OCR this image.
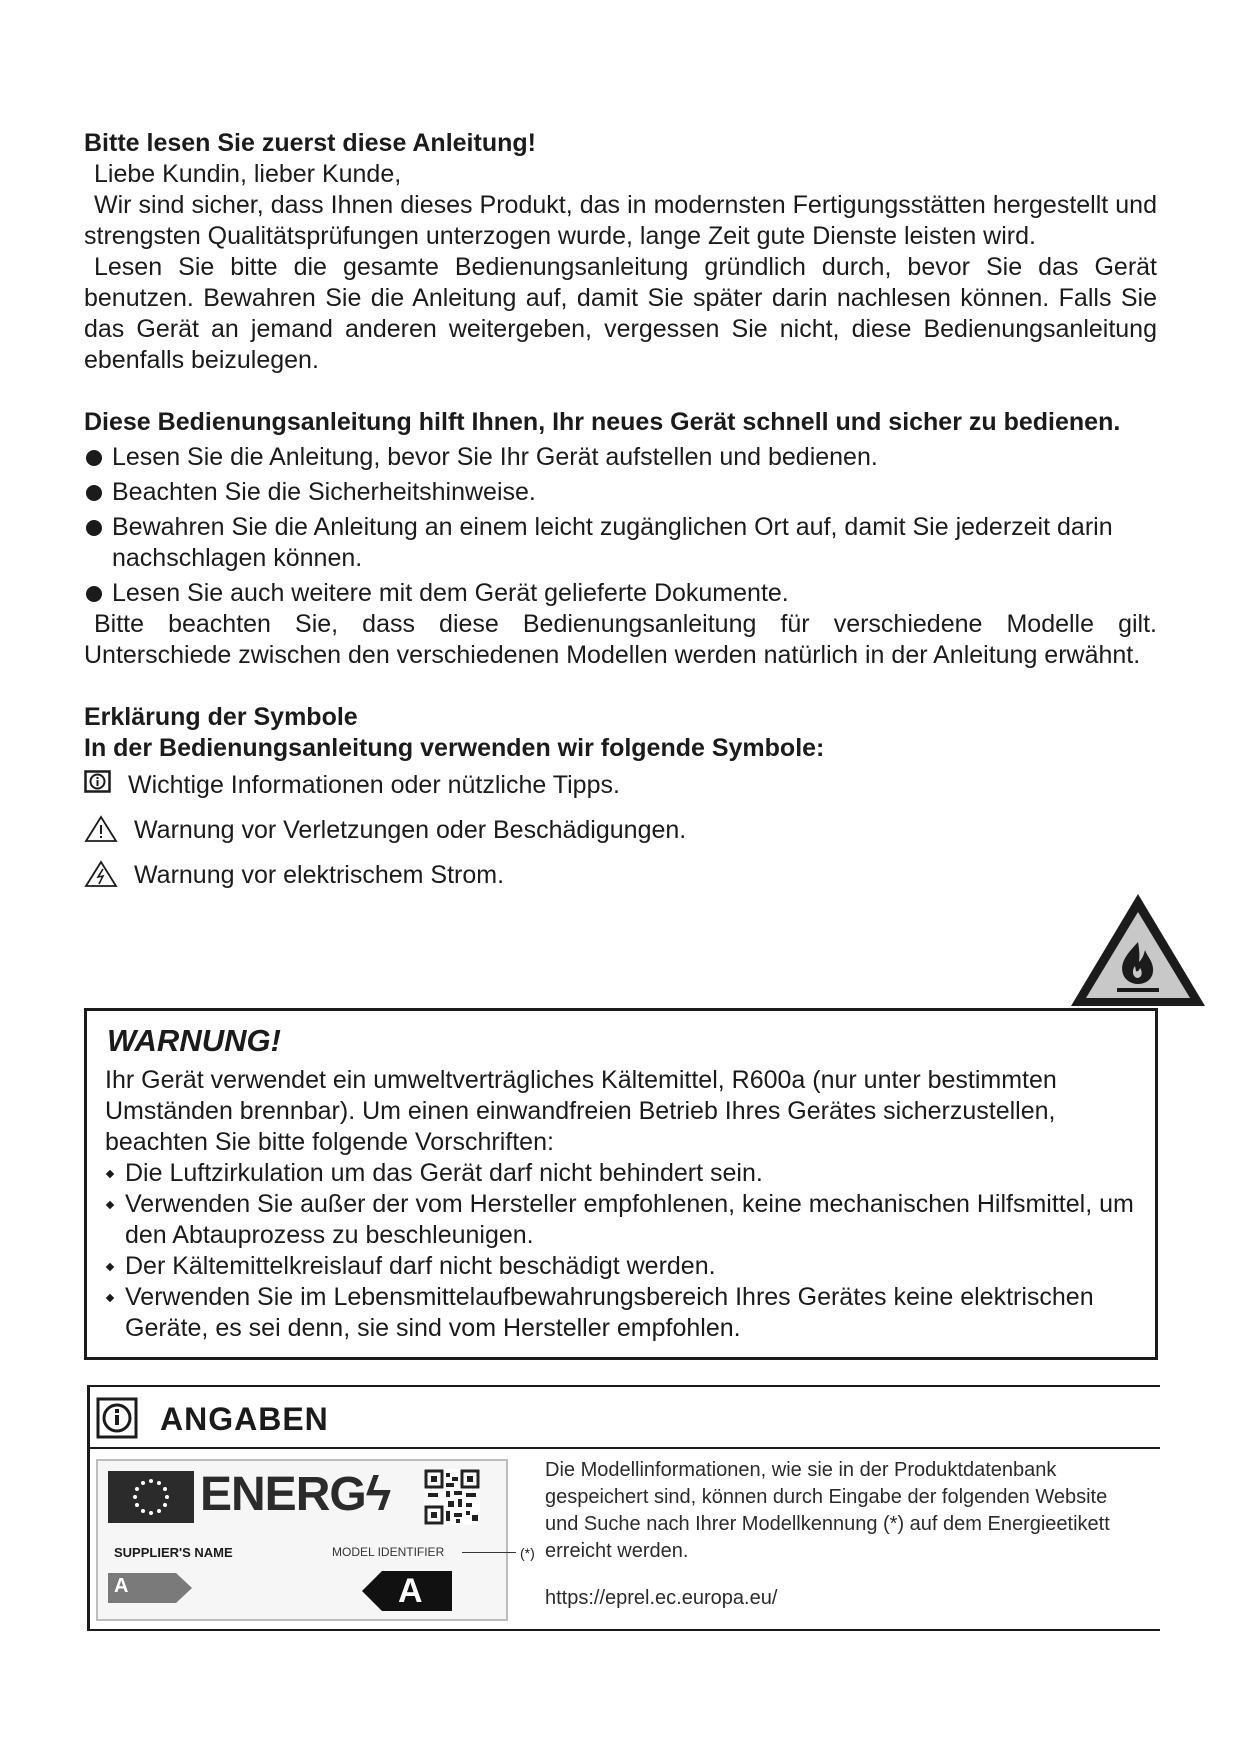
Bitte lesen Sie zuerst diese Anleitung!

Liebe Kundin, lieber Kunde,

Wir sind sicher, dass Ihnen dieses Produkt, das in modernsten Fertigungsstätten hergestellt und strengsten Qualitätsprüfungen unterzogen wurde, lange Zeit gute Dienste leisten wird.

Lesen Sie bitte die gesamte Bedienungsanleitung gründlich durch, bevor Sie das Gerät benutzen. Bewahren Sie die Anleitung auf, damit Sie später darin nachlesen können. Falls Sie das Gerät an jemand anderen weitergeben, vergessen Sie nicht, diese Bedienungsanleitung ebenfalls beizulegen.

Diese Bedienungsanleitung hilft Ihnen, Ihr neues Gerät schnell und sicher zu bedienen.

Lesen Sie die Anleitung, bevor Sie Ihr Gerät aufstellen und bedienen.
Beachten Sie die Sicherheitshinweise.
Bewahren Sie die Anleitung an einem leicht zugänglichen Ort auf, damit Sie jederzeit darin nachschlagen können.
Lesen Sie auch weitere mit dem Gerät gelieferte Dokumente.

Bitte beachten Sie, dass diese Bedienungsanleitung für verschiedene Modelle gilt. Unterschiede zwischen den verschiedenen Modellen werden natürlich in der Anleitung erwähnt.

Erklärung der Symbole

In der Bedienungsanleitung verwenden wir folgende Symbole:

Wichtige Informationen oder nützliche Tipps.
Warnung vor Verletzungen oder Beschädigungen.
Warnung vor elektrischem Strom.
WARNUNG!

Ihr Gerät verwendet ein umweltverträgliches Kältemittel, R600a (nur unter bestimmten Umständen brennbar). Um einen einwandfreien Betrieb Ihres Gerätes sicherzustellen, beachten Sie bitte folgende Vorschriften:

Die Luftzirkulation um das Gerät darf nicht behindert sein.
Verwenden Sie außer der vom Hersteller empfohlenen, keine mechanischen Hilfsmittel, um den Abtauprozess zu beschleunigen.
Der Kältemittelkreislauf darf nicht beschädigt werden.
Verwenden Sie im Lebensmittelaufbewahrungsbereich Ihres Gerätes keine elektrischen Geräte, es sei denn, sie sind vom Hersteller empfohlen.
ANGABEN
ENERGϟ
SUPPLIER'S NAME	MODEL IDENTIFIER	(*)
A	A
Die Modellinformationen, wie sie in der Produktdatenbank gespeichert sind, können durch Eingabe der folgenden Website und Suche nach Ihrer Modellkennung (*) auf dem Energieetikett erreicht werden.
https://eprel.ec.europa.eu/
